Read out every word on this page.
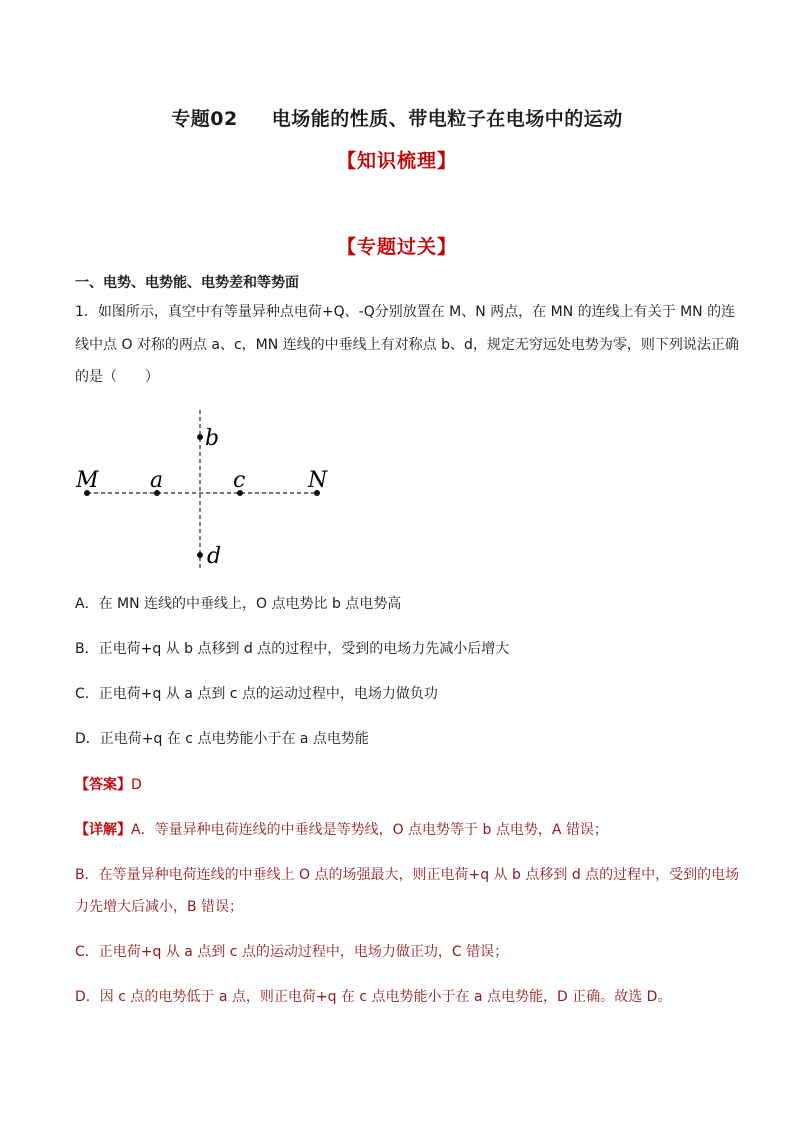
专题02 电场能的性质、带电粒子在电场中的运动
【知识梳理】
【专题过关】
一、电势、电势能、电势差和等势面
1．如图所示，真空中有等量异种点电荷+Q、-Q分别放置在 M、N 两点，在 MN 的连线上有关于 MN 的连
线中点 O 对称的两点 a、c，MN 连线的中垂线上有对称点 b、d，规定无穷远处电势为零，则下列说法正确
的是（　　）
M a	c	N
b
d
A．在 MN 连线的中垂线上，O 点电势比 b 点电势高
B．正电荷+q 从 b 点移到 d 点的过程中，受到的电场力先减小后增大
C．正电荷+q 从 a 点到 c 点的运动过程中，电场力做负功
D．正电荷+q 在 c 点电势能小于在 a 点电势能
【答案】D
【详解】A．等量异种电荷连线的中垂线是等势线，O 点电势等于 b 点电势，A 错误；
B．在等量异种电荷连线的中垂线上 O 点的场强最大，则正电荷+q 从 b 点移到 d 点的过程中，受到的电场
力先增大后减小，B 错误；
C．正电荷+q 从 a 点到 c 点的运动过程中，电场力做正功，C 错误；
D．因 c 点的电势低于 a 点，则正电荷+q 在 c 点电势能小于在 a 点电势能，D 正确。故选 D。
